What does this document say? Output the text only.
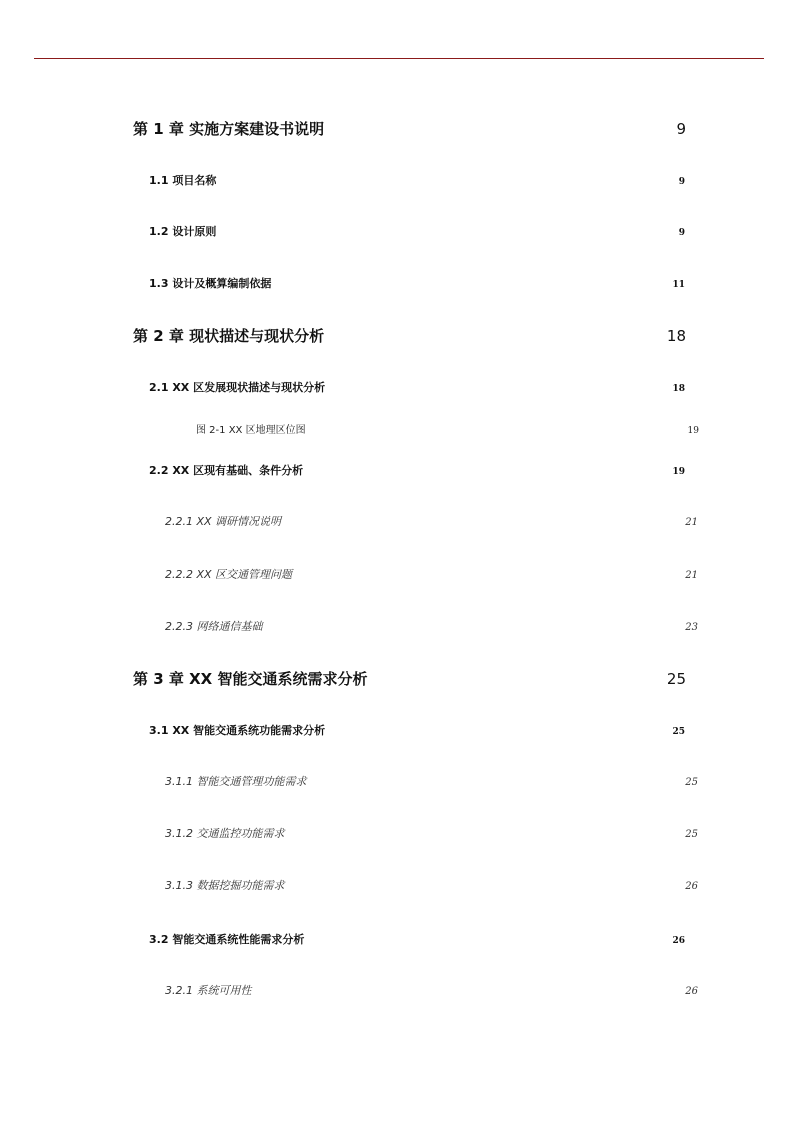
第 1 章 实施方案建设书说明	9
1.1 项目名称	9
1.2 设计原则	9
1.3 设计及概算编制依据	11
第 2 章 现状描述与现状分析	18
2.1 XX 区发展现状描述与现状分析	18
图 2-1 XX 区地理区位图	19
2.2 XX 区现有基础、条件分析	19
2.2.1 XX 调研情况说明	21
2.2.2 XX 区交通管理问题	21
2.2.3 网络通信基础	23
第 3 章 XX 智能交通系统需求分析	25
3.1 XX 智能交通系统功能需求分析	25
3.1.1 智能交通管理功能需求	25
3.1.2 交通监控功能需求	25
3.1.3 数据挖掘功能需求	26
3.2 智能交通系统性能需求分析	26
3.2.1 系统可用性	26
